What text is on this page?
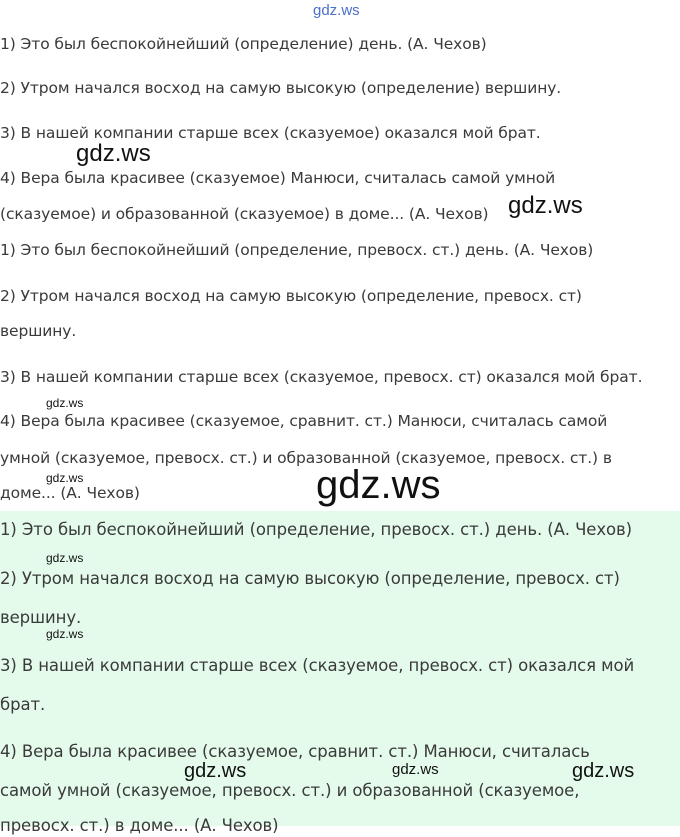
1) Это был беспокойнейший (определение) день. (А. Чехов)
2) Утром начался восход на самую высокую (определение) вершину.
3) В нашей компании старше всех (сказуемое) оказался мой брат.
4) Вера была красивее (сказуемое) Манюси, считалась самой умной
(сказуемое) и образованной (сказуемое) в доме... (А. Чехов)
1) Это был беспокойнейший (определение, превосх. ст.) день. (А. Чехов)
2) Утром начался восход на самую высокую (определение, превосх. ст)
вершину.
3) В нашей компании старше всех (сказуемое, превосх. ст) оказался мой брат.
4) Вера была красивее (сказуемое, сравнит. ст.) Манюси, считалась самой
умной (сказуемое, превосх. ст.) и образованной (сказуемое, превосх. ст.) в
доме... (А. Чехов)
1) Это был беспокойнейший (определение, превосх. ст.) день. (А. Чехов)
2) Утром начался восход на самую высокую (определение, превосх. ст)
вершину.
3) В нашей компании старше всех (сказуемое, превосх. ст) оказался мой
брат.
4) Вера была красивее (сказуемое, сравнит. ст.) Манюси, считалась
самой умной (сказуемое, превосх. ст.) и образованной (сказуемое,
превосх. ст.) в доме... (А. Чехов)
gdz.ws
gdz.ws
gdz.ws
gdz.ws
gdz.ws	gdz.ws
gdz.ws
gdz.ws
gdz.ws	gdz.ws	gdz.ws
